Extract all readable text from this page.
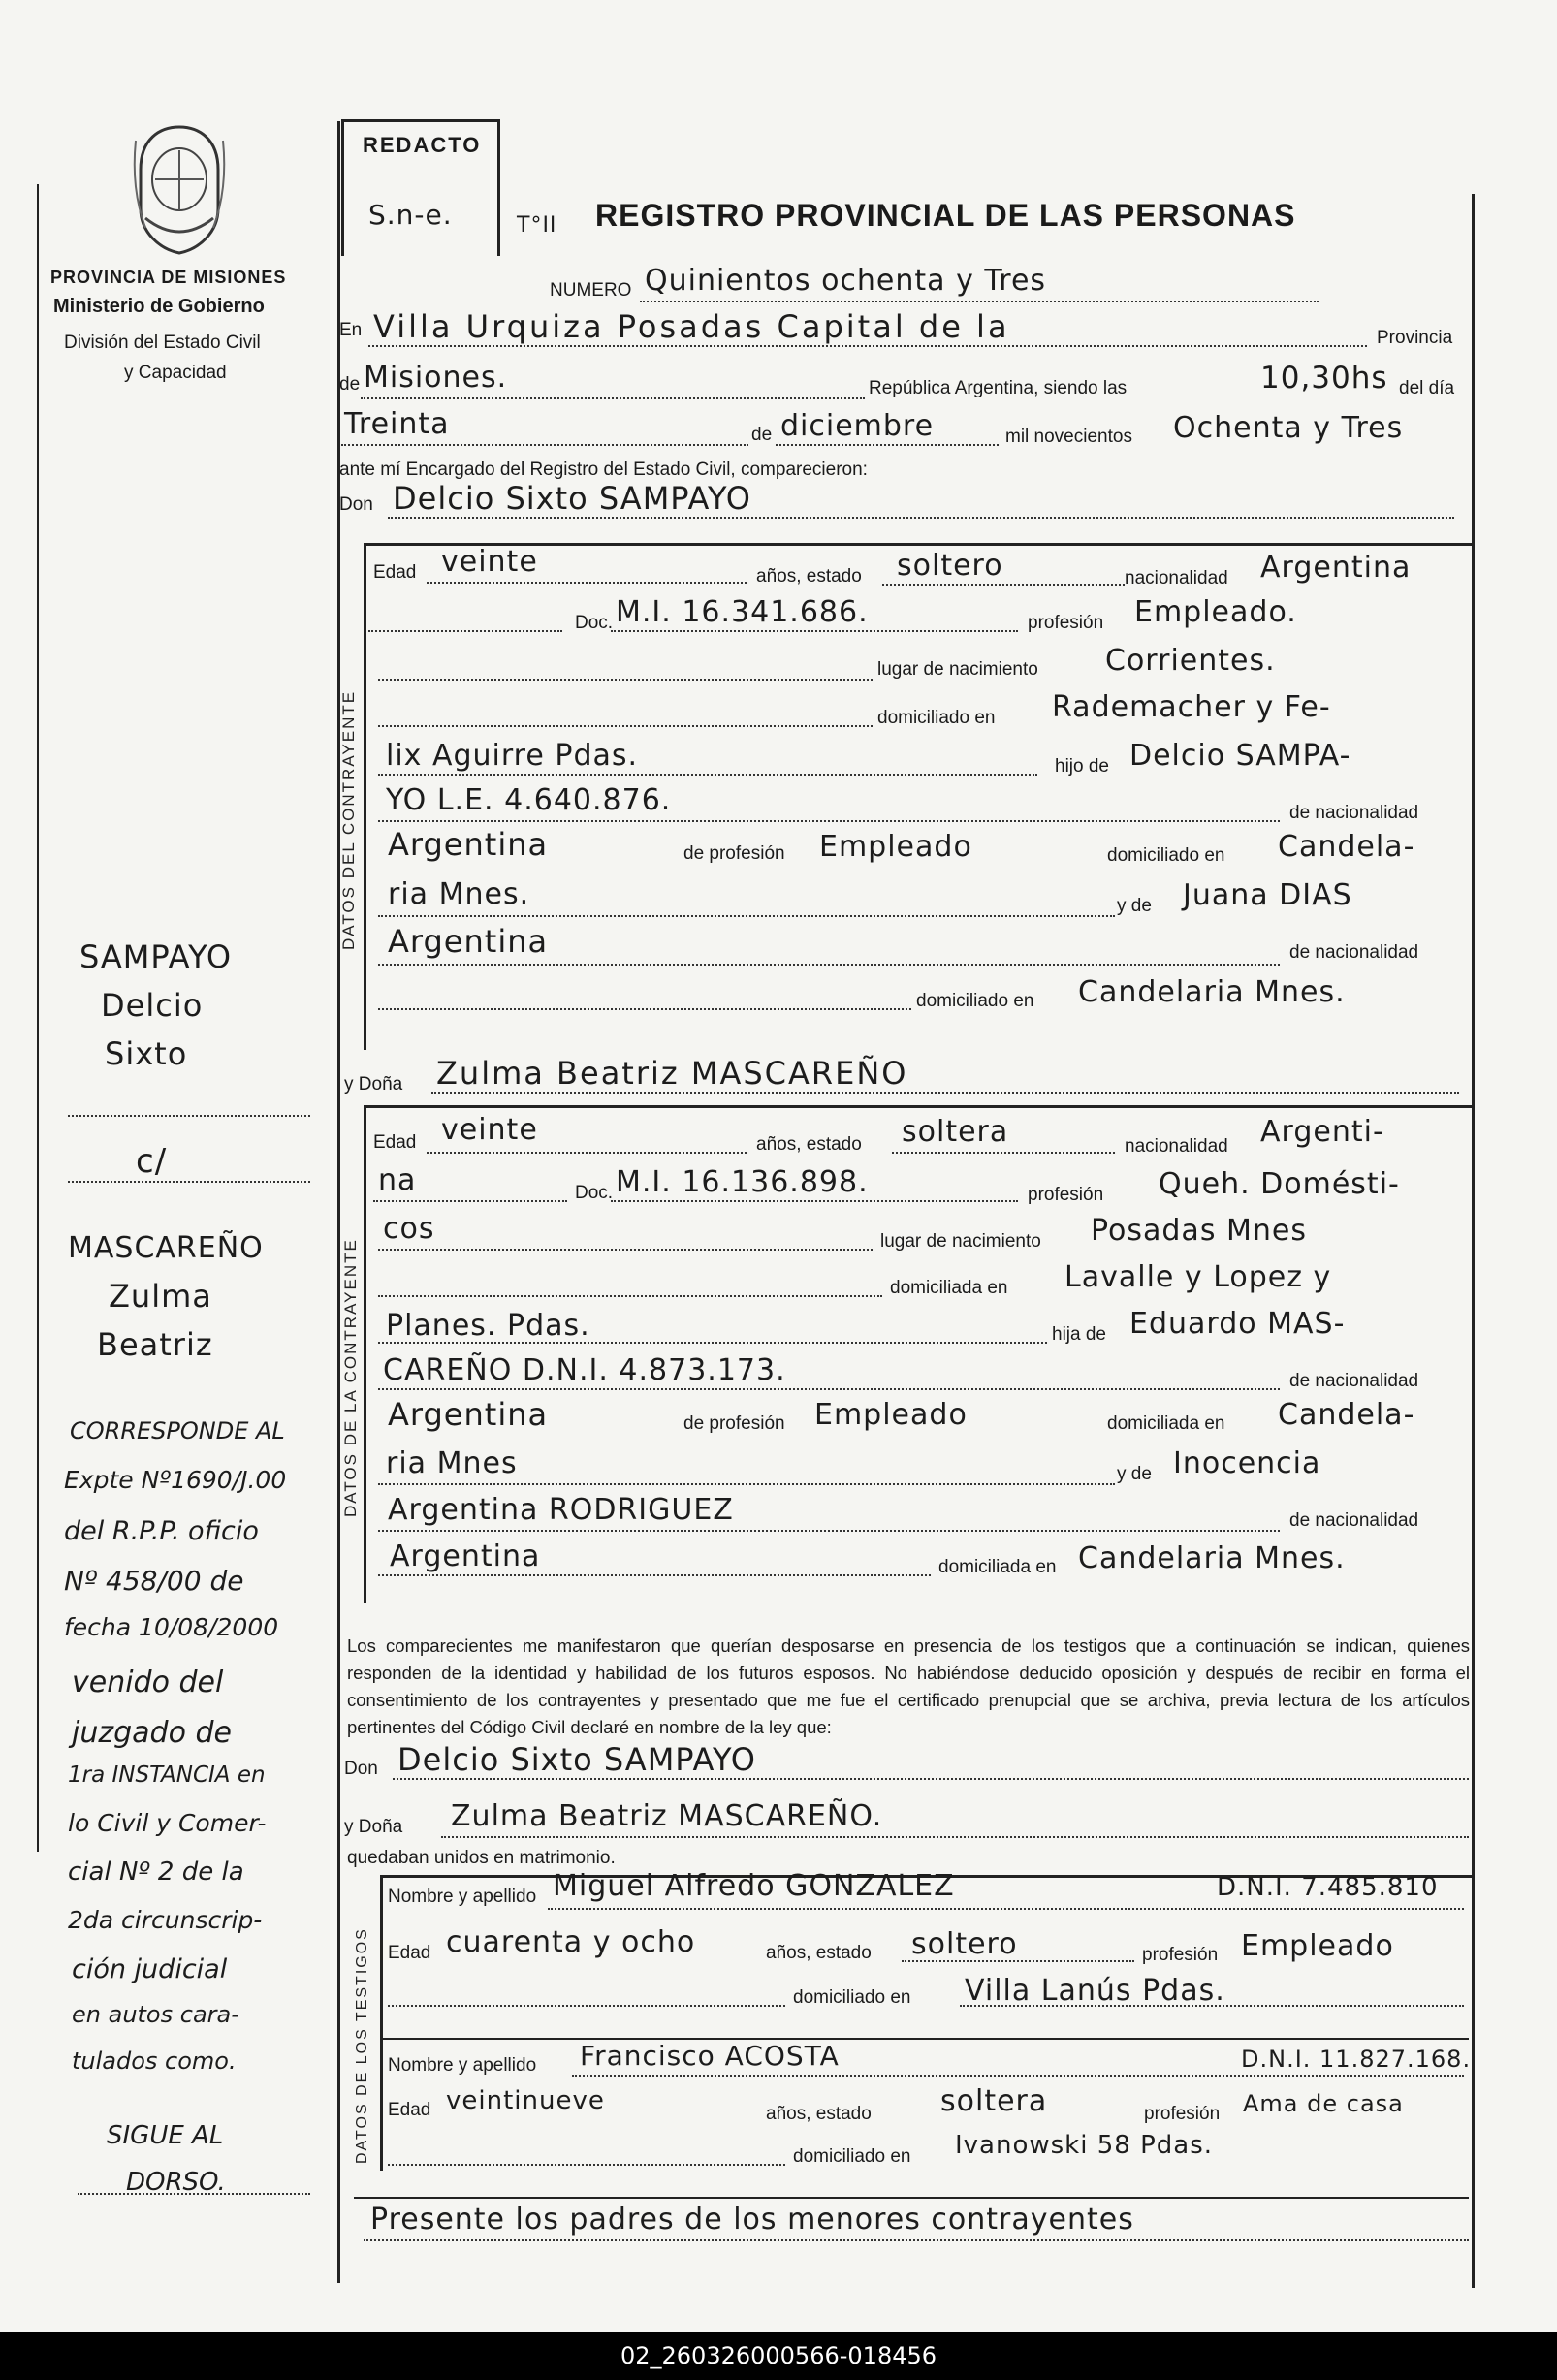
PROVINCIA DE MISIONES
Ministerio de Gobierno
División del Estado Civil
y Capacidad
REDACTO
S.n-e.	T°II REGISTRO PROVINCIAL DE LAS PERSONAS
NUMERO Quinientos ochenta y Tres
En Villa Urquiza Posadas Capital de la	Provincia
de Misiones.	República Argentina, siendo las	10,30hs del día
Treinta	de diciembre	mil novecientos Ochenta y Tres
ante mí Encargado del Registro del Estado Civil, comparecieron:
Don Delcio Sixto SAMPAYO
DATOS DEL CONTRAYENTE
Edad veinte	años, estado soltero	nacionalidad Argentina
Doc. M.I. 16.341.686.	profesión Empleado.
lugar de nacimiento Corrientes.
domiciliado en Rademacher y Fe-
lix Aguirre Pdas.	hijo de Delcio SAMPA-
YO L.E. 4.640.876.	de nacionalidad
Argentina	de profesión Empleado	domiciliado en Candela-
ria Mnes.	y de Juana DIAS
Argentina	de nacionalidad
domiciliado en Candelaria Mnes.
y Doña Zulma Beatriz MASCAREÑO
DATOS DE LA CONTRAYENTE
Edad veinte	años, estado soltera	nacionalidad Argenti-
na	Doc. M.I. 16.136.898.	profesión Queh. Domésti-
cos	lugar de nacimiento Posadas Mnes
domiciliada en Lavalle y Lopez y
Planes. Pdas.	hija de Eduardo MAS-
CAREÑO D.N.I. 4.873.173.	de nacionalidad
Argentina	de profesión Empleado	domiciliada en Candela-
ria Mnes	y de Inocencia
Argentina RODRIGUEZ	de nacionalidad
Argentina	domiciliada en Candelaria Mnes.
Los comparecientes me manifestaron que querían desposarse en presencia de los testigos que a continuación se indican, quienes responden de la identidad y habilidad de los futuros esposos. No habiéndose deducido oposición y después de recibir en forma el consentimiento de los contrayentes y presentado que me fue el certificado prenupcial que se archiva, previa lectura de los artículos pertinentes del Código Civil declaré en nombre de la ley que:
Don Delcio Sixto SAMPAYO
y Doña Zulma Beatriz MASCAREÑO.
quedaban unidos en matrimonio.
DATOS DE LOS TESTIGOS
Nombre y apellido Miguel Alfredo GONZALEZ	D.N.I. 7.485.810
Edad cuarenta y ocho	años, estado soltero	profesión Empleado
domiciliado en Villa Lanús Pdas.
Nombre y apellido Francisco ACOSTA	D.N.I. 11.827.168.
Edad veintinueve	años, estado soltera	profesión Ama de casa
domiciliado en Ivanowski 58 Pdas.
Presente los padres de los menores contrayentes
SAMPAYO
Delcio
Sixto
c/
MASCAREÑO
Zulma
Beatriz
CORRESPONDE AL
Expte Nº1690/J.00
del R.P.P. oficio
Nº 458/00 de
fecha 10/08/2000
venido del
juzgado de
1ra INSTANCIA en
lo Civil y Comer-
cial Nº 2 de la
2da circunscrip-
ción judicial
en autos cara-
tulados como.
SIGUE AL
DORSO.
02_260326000566-018456
